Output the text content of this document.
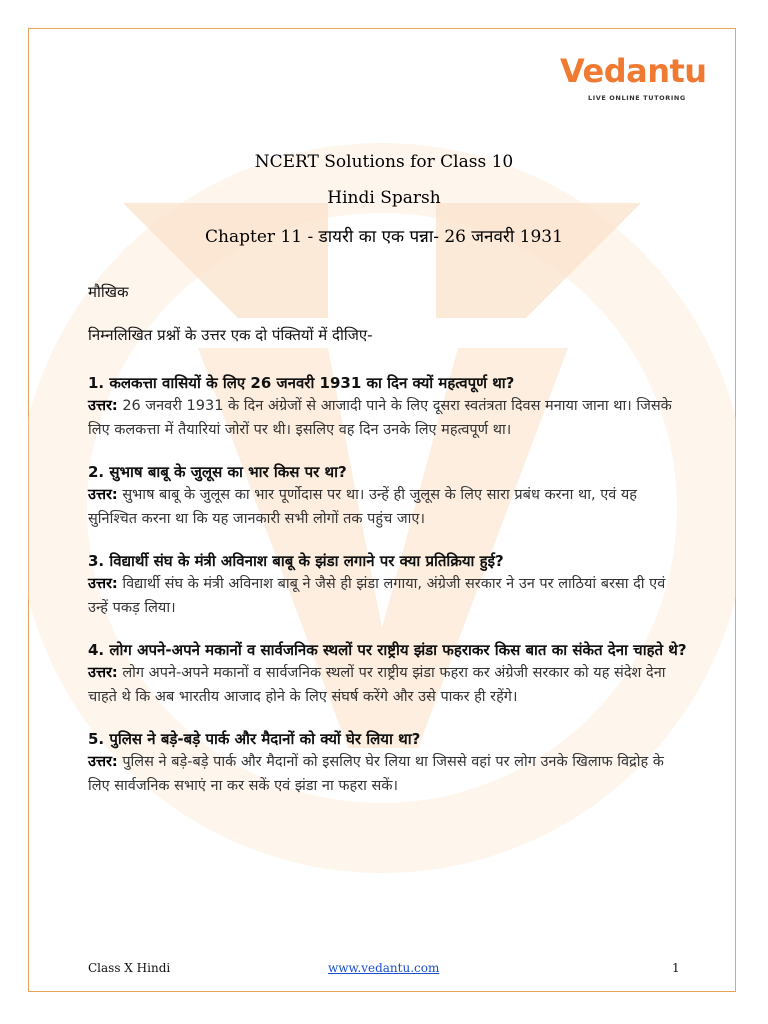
Vedantu
LIVE ONLINE TUTORING
NCERT Solutions for Class 10
Hindi Sparsh
Chapter 11 - डायरी का एक पन्ना- 26 जनवरी 1931
मौखिक
निम्नलिखित प्रश्नों के उत्तर एक दो पंक्तियों में दीजिए-
1. कलकत्ता वासियों के लिए 26 जनवरी 1931 का दिन क्यों महत्वपूर्ण था?
उत्तर: 26 जनवरी 1931 के दिन अंग्रेजों से आजादी पाने के लिए दूसरा स्वतंत्रता दिवस मनाया जाना था। जिसके लिए कलकत्ता में तैयारियां जोरों पर थी। इसलिए वह दिन उनके लिए महत्वपूर्ण था।
2. सुभाष बाबू के जुलूस का भार किस पर था?
उत्तर: सुभाष बाबू के जुलूस का भार पूर्णोदास पर था। उन्हें ही जुलूस के लिए सारा प्रबंध करना था, एवं यह सुनिश्चित करना था कि यह जानकारी सभी लोगों तक पहुंच जाए।
3. विद्यार्थी संघ के मंत्री अविनाश बाबू के झंडा लगाने पर क्या प्रतिक्रिया हुई?
उत्तर: विद्यार्थी संघ के मंत्री अविनाश बाबू ने जैसे ही झंडा लगाया, अंग्रेजी सरकार ने उन पर लाठियां बरसा दी एवं उन्हें पकड़ लिया।
4. लोग अपने-अपने मकानों व सार्वजनिक स्थलों पर राष्ट्रीय झंडा फहराकर किस बात का संकेत देना चाहते थे?
उत्तर: लोग अपने-अपने मकानों व सार्वजनिक स्थलों पर राष्ट्रीय झंडा फहरा कर अंग्रेजी सरकार को यह संदेश देना चाहते थे कि अब भारतीय आजाद होने के लिए संघर्ष करेंगे और उसे पाकर ही रहेंगे।
5. पुलिस ने बड़े-बड़े पार्क और मैदानों को क्यों घेर लिया था?
उत्तर: पुलिस ने बड़े-बड़े पार्क और मैदानों को इसलिए घेर लिया था जिससे वहां पर लोग उनके खिलाफ विद्रोह के लिए सार्वजनिक सभाएं ना कर सकें एवं झंडा ना फहरा सकें।
Class X Hindi	www.vedantu.com	1
